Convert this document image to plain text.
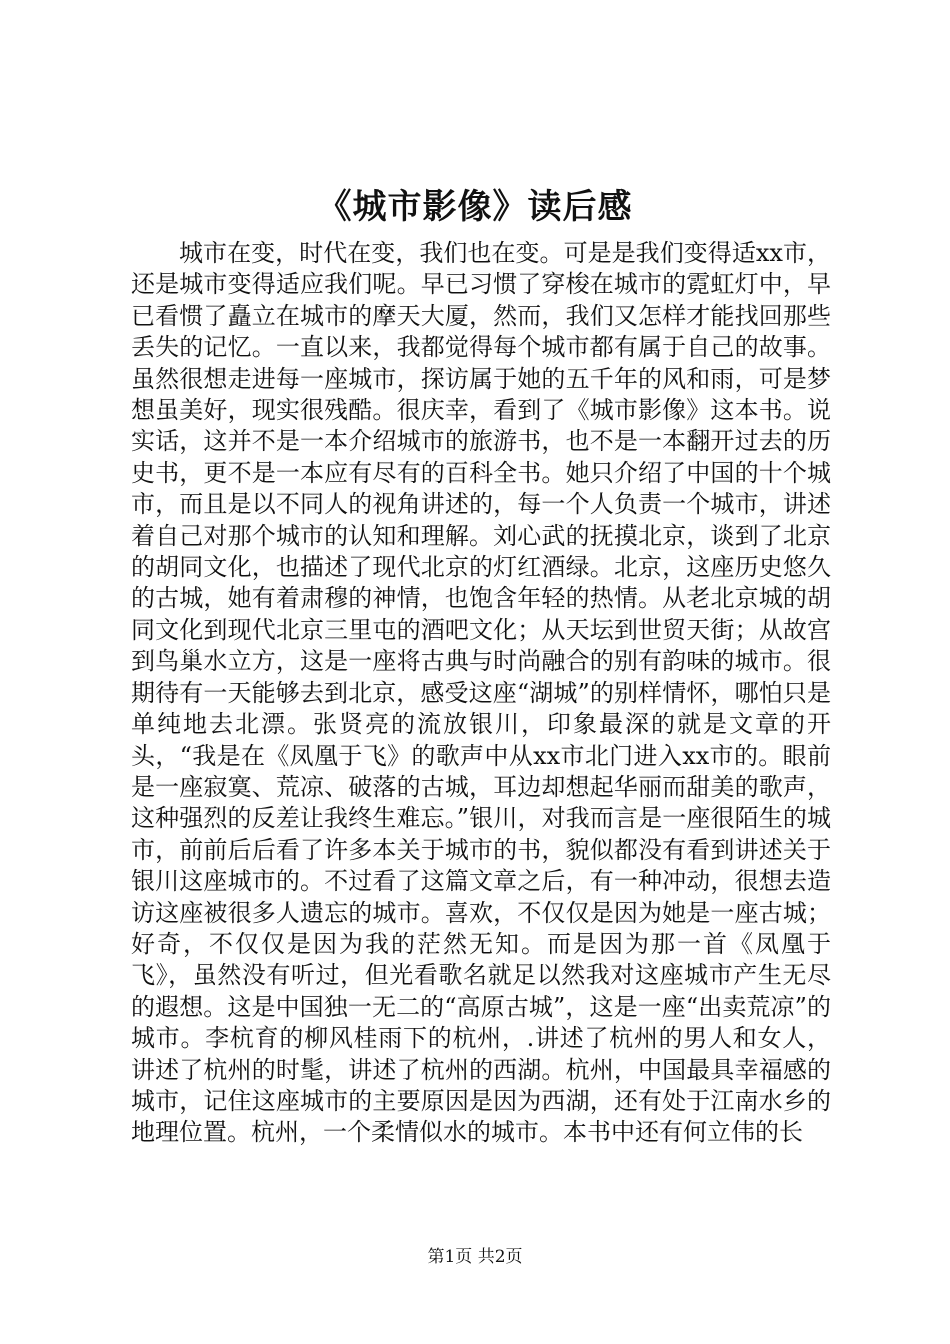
《城市影像》读后感

城市在变，时代在变，我们也在变。可是是我们变得适xx市，还是城市变得适应我们呢。早已习惯了穿梭在城市的霓虹灯中，早已看惯了矗立在城市的摩天大厦，然而，我们又怎样才能找回那些丢失的记忆。一直以来，我都觉得每个城市都有属于自己的故事。虽然很想走进每一座城市，探访属于她的五千年的风和雨，可是梦想虽美好，现实很残酷。很庆幸，看到了《城市影像》这本书。说实话，这并不是一本介绍城市的旅游书，也不是一本翻开过去的历史书，更不是一本应有尽有的百科全书。她只介绍了中国的十个城市，而且是以不同人的视角讲述的，每一个人负责一个城市，讲述着自己对那个城市的认知和理解。刘心武的抚摸北京，谈到了北京的胡同文化，也描述了现代北京的灯红酒绿。北京，这座历史悠久的古城，她有着肃穆的神情，也饱含年轻的热情。从老北京城的胡同文化到现代北京三里屯的酒吧文化；从天坛到世贸天街；从故宫到鸟巢水立方，这是一座将古典与时尚融合的别有韵味的城市。很期待有一天能够去到北京，感受这座“湖城”的别样情怀，哪怕只是单纯地去北漂。张贤亮的流放银川，印象最深的就是文章的开头，“我是在《凤凰于飞》的歌声中从xx市北门进入xx市的。眼前是一座寂寞、荒凉、破落的古城，耳边却想起华丽而甜美的歌声，这种强烈的反差让我终生难忘。”银川，对我而言是一座很陌生的城市，前前后后看了许多本关于城市的书，貌似都没有看到讲述关于银川这座城市的。不过看了这篇文章之后，有一种冲动，很想去造访这座被很多人遗忘的城市。喜欢，不仅仅是因为她是一座古城；好奇，不仅仅是因为我的茫然无知。而是因为那一首《凤凰于飞》，虽然没有听过，但光看歌名就足以然我对这座城市产生无尽的遐想。这是中国独一无二的“高原古城”，这是一座“出卖荒凉”的城市。李杭育的柳风桂雨下的杭州，.讲述了杭州的男人和女人，讲述了杭州的时髦，讲述了杭州的西湖。杭州，中国最具幸福感的城市，记住这座城市的主要原因是因为西湖，还有处于江南水乡的地理位置。杭州，一个柔情似水的城市。本书中还有何立伟的长

第1页 共2页
